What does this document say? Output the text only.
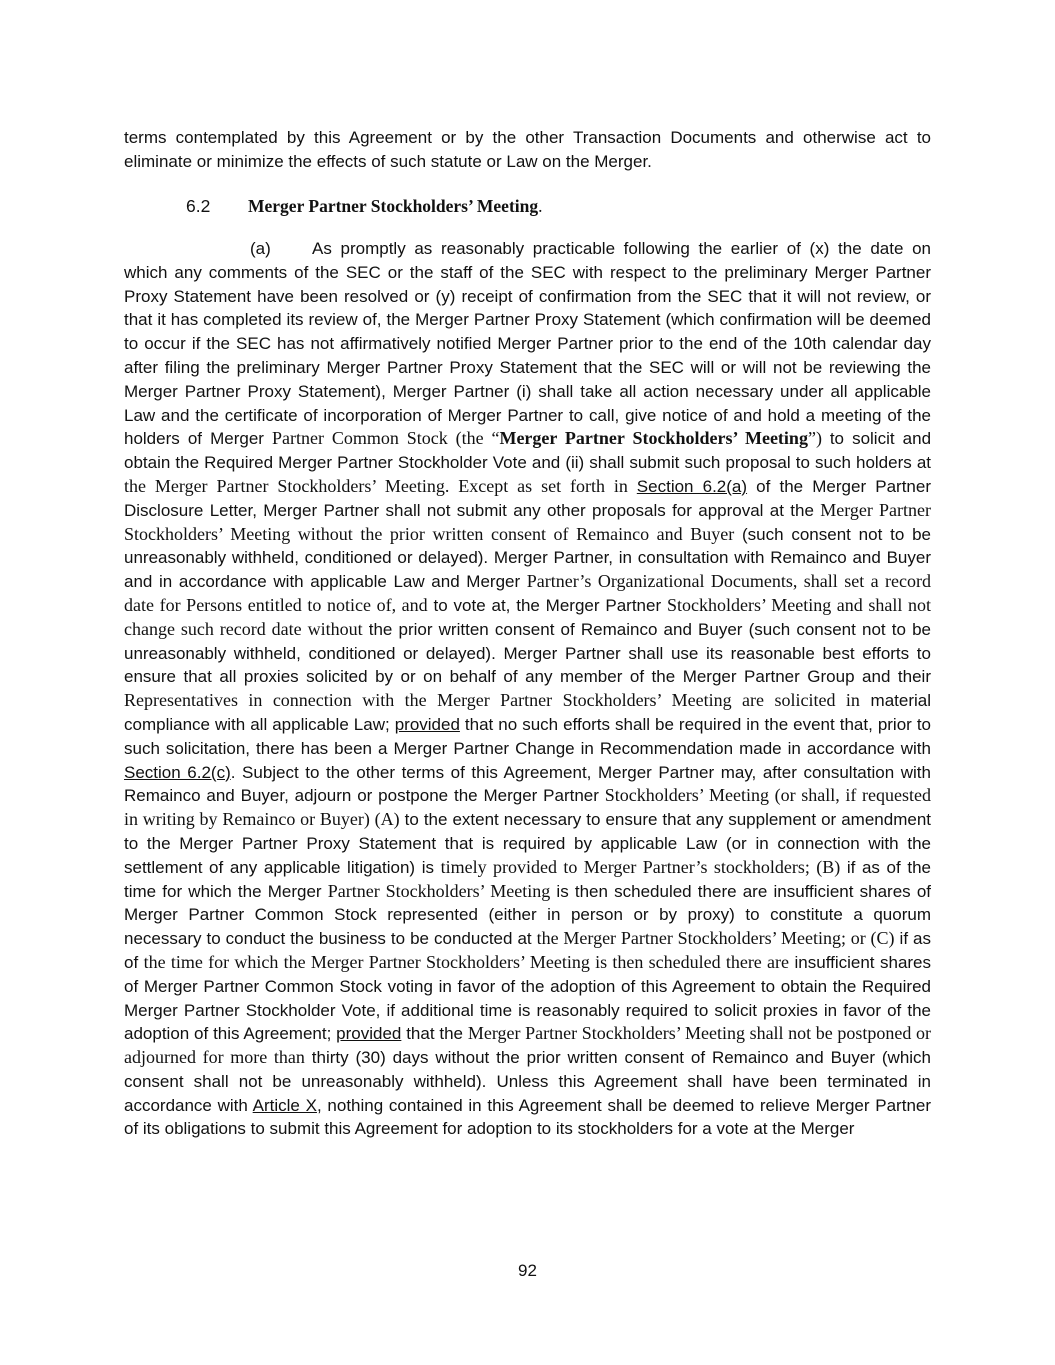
terms contemplated by this Agreement or by the other Transaction Documents and otherwise act to eliminate or minimize the effects of such statute or Law on the Merger.

6.2 Merger Partner Stockholders’ Meeting.

(a) As promptly as reasonably practicable following the earlier of (x) the date on which any comments of the SEC or the staff of the SEC with respect to the preliminary Merger Partner Proxy Statement have been resolved or (y) receipt of confirmation from the SEC that it will not review, or that it has completed its review of, the Merger Partner Proxy Statement (which confirmation will be deemed to occur if the SEC has not affirmatively notified Merger Partner prior to the end of the 10th calendar day after filing the preliminary Merger Partner Proxy Statement that the SEC will or will not be reviewing the Merger Partner Proxy Statement), Merger Partner (i) shall take all action necessary under all applicable Law and the certificate of incorporation of Merger Partner to call, give notice of and hold a meeting of the holders of Merger Partner Common Stock (the “Merger Partner Stockholders’ Meeting”) to solicit and obtain the Required Merger Partner Stockholder Vote and (ii) shall submit such proposal to such holders at the Merger Partner Stockholders’ Meeting. Except as set forth in Section 6.2(a) of the Merger Partner Disclosure Letter, Merger Partner shall not submit any other proposals for approval at the Merger Partner Stockholders’ Meeting without the prior written consent of Remainco and Buyer (such consent not to be unreasonably withheld, conditioned or delayed). Merger Partner, in consultation with Remainco and Buyer and in accordance with applicable Law and Merger Partner’s Organizational Documents, shall set a record date for Persons entitled to notice of, and to vote at, the Merger Partner Stockholders’ Meeting and shall not change such record date without the prior written consent of Remainco and Buyer (such consent not to be unreasonably withheld, conditioned or delayed). Merger Partner shall use its reasonable best efforts to ensure that all proxies solicited by or on behalf of any member of the Merger Partner Group and their Representatives in connection with the Merger Partner Stockholders’ Meeting are solicited in material compliance with all applicable Law; provided that no such efforts shall be required in the event that, prior to such solicitation, there has been a Merger Partner Change in Recommendation made in accordance with Section 6.2(c). Subject to the other terms of this Agreement, Merger Partner may, after consultation with Remainco and Buyer, adjourn or postpone the Merger Partner Stockholders’ Meeting (or shall, if requested in writing by Remainco or Buyer) (A) to the extent necessary to ensure that any supplement or amendment to the Merger Partner Proxy Statement that is required by applicable Law (or in connection with the settlement of any applicable litigation) is timely provided to Merger Partner’s stockholders; (B) if as of the time for which the Merger Partner Stockholders’ Meeting is then scheduled there are insufficient shares of Merger Partner Common Stock represented (either in person or by proxy) to constitute a quorum necessary to conduct the business to be conducted at the Merger Partner Stockholders’ Meeting; or (C) if as of the time for which the Merger Partner Stockholders’ Meeting is then scheduled there are insufficient shares of Merger Partner Common Stock voting in favor of the adoption of this Agreement to obtain the Required Merger Partner Stockholder Vote, if additional time is reasonably required to solicit proxies in favor of the adoption of this Agreement; provided that the Merger Partner Stockholders’ Meeting shall not be postponed or adjourned for more than thirty (30) days without the prior written consent of Remainco and Buyer (which consent shall not be unreasonably withheld). Unless this Agreement shall have been terminated in accordance with Article X, nothing contained in this Agreement shall be deemed to relieve Merger Partner of its obligations to submit this Agreement for adoption to its stockholders for a vote at the Merger

92
